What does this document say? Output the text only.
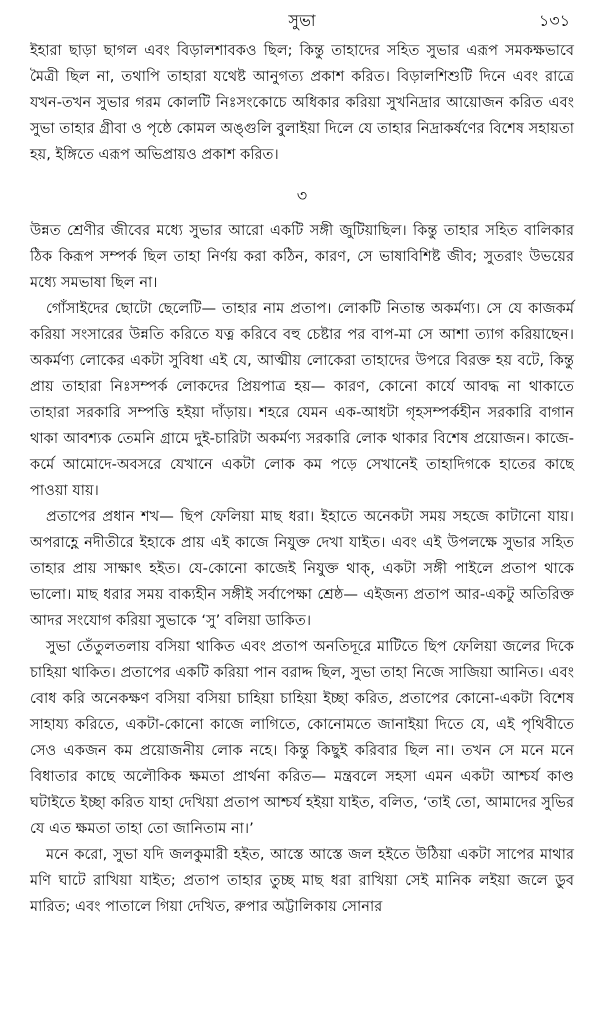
সুভা	১৩১

ইহারা ছাড়া ছাগল এবং বিড়ালশাবকও ছিল; কিন্তু তাহাদের সহিত সুভার এরূপ সমকক্ষভাবে মৈত্রী ছিল না, তথাপি তাহারা যথেষ্ট আনুগত্য প্রকাশ করিত। বিড়ালশিশুটি দিনে এবং রাত্রে যখন-তখন সুভার গরম কোলটি নিঃসংকোচে অধিকার করিয়া সুখনিদ্রার আয়োজন করিত এবং সুভা তাহার গ্রীবা ও পৃষ্ঠে কোমল অঙ্গুলি বুলাইয়া দিলে যে তাহার নিদ্রাকর্ষণের বিশেষ সহায়তা হয়, ইঙ্গিতে এরূপ অভিপ্রায়ও প্রকাশ করিত।

৩

উন্নত শ্রেণীর জীবের মধ্যে সুভার আরো একটি সঙ্গী জুটিয়াছিল। কিন্তু তাহার সহিত বালিকার ঠিক কিরূপ সম্পর্ক ছিল তাহা নির্ণয় করা কঠিন, কারণ, সে ভাষাবিশিষ্ট জীব; সুতরাং উভয়ের মধ্যে সমভাষা ছিল না।

গোঁসাইদের ছোটো ছেলেটি— তাহার নাম প্রতাপ। লোকটি নিতান্ত অকর্মণ্য। সে যে কাজকর্ম করিয়া সংসারের উন্নতি করিতে যত্ন করিবে বহু চেষ্টার পর বাপ-মা সে আশা ত্যাগ করিয়াছেন। অকর্মণ্য লোকের একটা সুবিধা এই যে, আত্মীয় লোকেরা তাহাদের উপরে বিরক্ত হয় বটে, কিন্তু প্রায় তাহারা নিঃসম্পর্ক লোকদের প্রিয়পাত্র হয়— কারণ, কোনো কার্যে আবদ্ধ না থাকাতে তাহারা সরকারি সম্পত্তি হইয়া দাঁড়ায়। শহরে যেমন এক-আধটা গৃহসম্পর্কহীন সরকারি বাগান থাকা আবশ্যক তেমনি গ্রামে দুই-চারিটা অকর্মণ্য সরকারি লোক থাকার বিশেষ প্রয়োজন। কাজে-কর্মে আমোদে-অবসরে যেখানে একটা লোক কম পড়ে সেখানেই তাহাদিগকে হাতের কাছে পাওয়া যায়।

প্রতাপের প্রধান শখ— ছিপ ফেলিয়া মাছ ধরা। ইহাতে অনেকটা সময় সহজে কাটানো যায়। অপরাহ্ণে নদীতীরে ইহাকে প্রায় এই কাজে নিযুক্ত দেখা যাইত। এবং এই উপলক্ষে সুভার সহিত তাহার প্রায় সাক্ষাৎ হইত। যে-কোনো কাজেই নিযুক্ত থাক্‌, একটা সঙ্গী পাইলে প্রতাপ থাকে ভালো। মাছ ধরার সময় বাক্যহীন সঙ্গীই সর্বাপেক্ষা শ্রেষ্ঠ— এইজন্য প্রতাপ আর-একটু অতিরিক্ত আদর সংযোগ করিয়া সুভাকে ‘সু’ বলিয়া ডাকিত।

সুভা তেঁতুলতলায় বসিয়া থাকিত এবং প্রতাপ অনতিদূরে মাটিতে ছিপ ফেলিয়া জলের দিকে চাহিয়া থাকিত। প্রতাপের একটি করিয়া পান বরাদ্দ ছিল, সুভা তাহা নিজে সাজিয়া আনিত। এবং বোধ করি অনেকক্ষণ বসিয়া বসিয়া চাহিয়া চাহিয়া ইচ্ছা করিত, প্রতাপের কোনো-একটা বিশেষ সাহায্য করিতে, একটা-কোনো কাজে লাগিতে, কোনোমতে জানাইয়া দিতে যে, এই পৃথিবীতে সেও একজন কম প্রয়োজনীয় লোক নহে। কিন্তু কিছুই করিবার ছিল না। তখন সে মনে মনে বিধাতার কাছে অলৌকিক ক্ষমতা প্রার্থনা করিত— মন্ত্রবলে সহসা এমন একটা আশ্চর্য কাণ্ড ঘটাইতে ইচ্ছা করিত যাহা দেখিয়া প্রতাপ আশ্চর্য হইয়া যাইত, বলিত, ‘তাই তো, আমাদের সুভির যে এত ক্ষমতা তাহা তো জানিতাম না।’

মনে করো, সুভা যদি জলকুমারী হইত, আস্তে আস্তে জল হইতে উঠিয়া একটা সাপের মাথার মণি ঘাটে রাখিয়া যাইত; প্রতাপ তাহার তুচ্ছ মাছ ধরা রাখিয়া সেই মানিক লইয়া জলে ডুব মারিত; এবং পাতালে গিয়া দেখিত, রুপার অট্টালিকায় সোনার
